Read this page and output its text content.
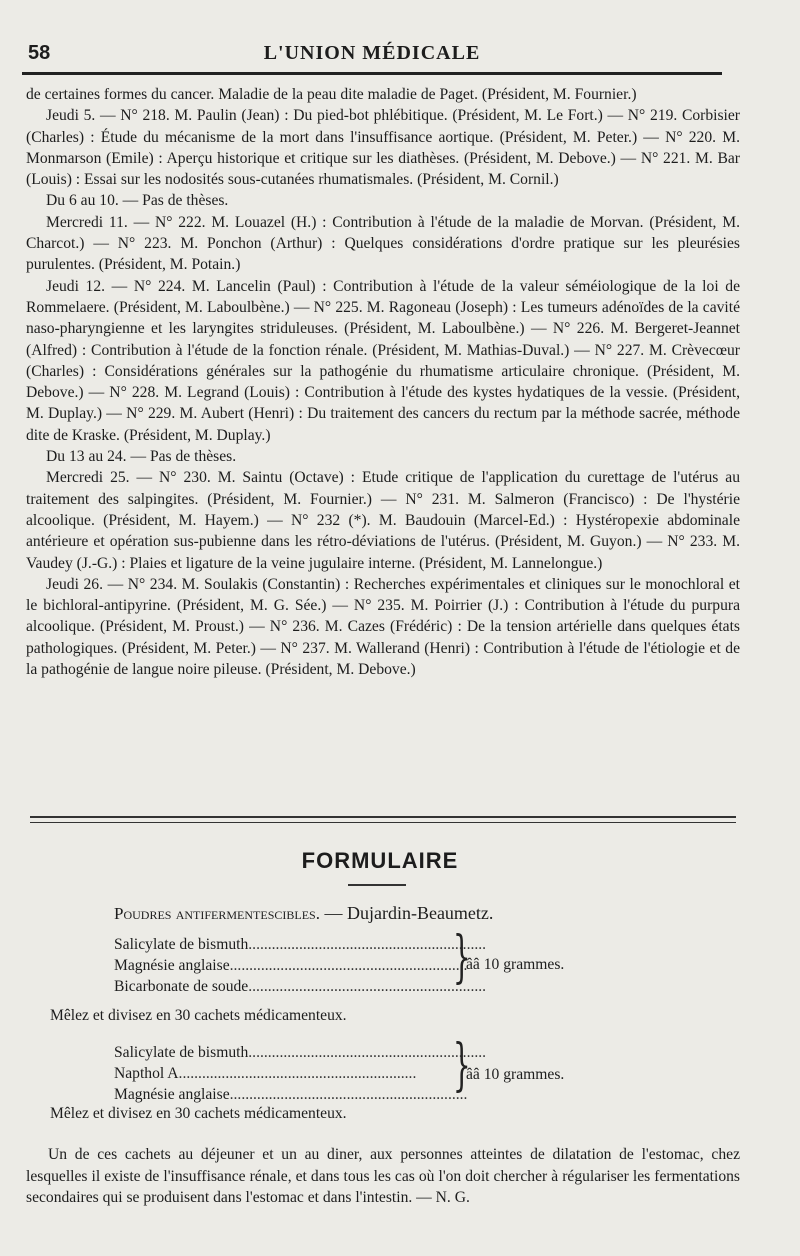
58	L'UNION MÉDICALE

de certaines formes du cancer. Maladie de la peau dite maladie de Paget. (Président, M. Fournier.)

Jeudi 5. — N° 218. M. Paulin (Jean) : Du pied-bot phlébitique. (Président, M. Le Fort.) — N° 219. Corbisier (Charles) : Étude du mécanisme de la mort dans l'insuffisance aortique. (Président, M. Peter.) — N° 220. M. Monmarson (Emile) : Aperçu historique et critique sur les diathèses. (Président, M. Debove.) — N° 221. M. Bar (Louis) : Essai sur les nodosités sous-cutanées rhumatismales. (Président, M. Cornil.)

Du 6 au 10. — Pas de thèses.

Mercredi 11. — N° 222. M. Louazel (H.) : Contribution à l'étude de la maladie de Morvan. (Président, M. Charcot.) — N° 223. M. Ponchon (Arthur) : Quelques considérations d'ordre pratique sur les pleurésies purulentes. (Président, M. Potain.)

Jeudi 12. — N° 224. M. Lancelin (Paul) : Contribution à l'étude de la valeur séméiologique de la loi de Rommelaere. (Président, M. Laboulbène.) — N° 225. M. Ragoneau (Joseph) : Les tumeurs adénoïdes de la cavité naso-pharyngienne et les laryngites striduleuses. (Président, M. Laboulbène.) — N° 226. M. Bergeret-Jeannet (Alfred) : Contribution à l'étude de la fonction rénale. (Président, M. Mathias-Duval.) — N° 227. M. Crèvecœur (Charles) : Considérations générales sur la pathogénie du rhumatisme articulaire chronique. (Président, M. Debove.) — N° 228. M. Legrand (Louis) : Contribution à l'étude des kystes hydatiques de la vessie. (Président, M. Duplay.) — N° 229. M. Aubert (Henri) : Du traitement des cancers du rectum par la méthode sacrée, méthode dite de Kraske. (Président, M. Duplay.)

Du 13 au 24. — Pas de thèses.

Mercredi 25. — N° 230. M. Saintu (Octave) : Etude critique de l'application du curettage de l'utérus au traitement des salpingites. (Président, M. Fournier.) — N° 231. M. Salmeron (Francisco) : De l'hystérie alcoolique. (Président, M. Hayem.) — N° 232 (*). M. Baudouin (Marcel-Ed.) : Hystéropexie abdominale antérieure et opération sus-pubienne dans les rétro-déviations de l'utérus. (Président, M. Guyon.) — N° 233. M. Vaudey (J.-G.) : Plaies et ligature de la veine jugulaire interne. (Président, M. Lannelongue.)

Jeudi 26. — N° 234. M. Soulakis (Constantin) : Recherches expérimentales et cliniques sur le monochloral et le bichloral-antipyrine. (Président, M. G. Sée.) — N° 235. M. Poirrier (J.) : Contribution à l'étude du purpura alcoolique. (Président, M. Proust.) — N° 236. M. Cazes (Frédéric) : De la tension artérielle dans quelques états pathologiques. (Président, M. Peter.) — N° 237. M. Wallerand (Henri) : Contribution à l'étude de l'étiologie et de la pathogénie de langue noire pileuse. (Président, M. Debove.)

FORMULAIRE
Poudres antifermentescibles. — Dujardin-Beaumetz.
Salicylate de bismuth.............................................................
Magnésie anglaise.............................................................
Bicarbonate de soude.............................................................
}
ââ 10 grammes.
Mêlez et divisez en 30 cachets médicamenteux.
Salicylate de bismuth.............................................................
Napthol A.............................................................
Magnésie anglaise.............................................................
}
ââ 10 grammes.
Mêlez et divisez en 30 cachets médicamenteux.
Un de ces cachets au déjeuner et un au diner, aux personnes atteintes de dilatation de l'estomac, chez lesquelles il existe de l'insuffisance rénale, et dans tous les cas où l'on doit chercher à régulariser les fermentations secondaires qui se produisent dans l'estomac et dans l'intestin. — N. G.
